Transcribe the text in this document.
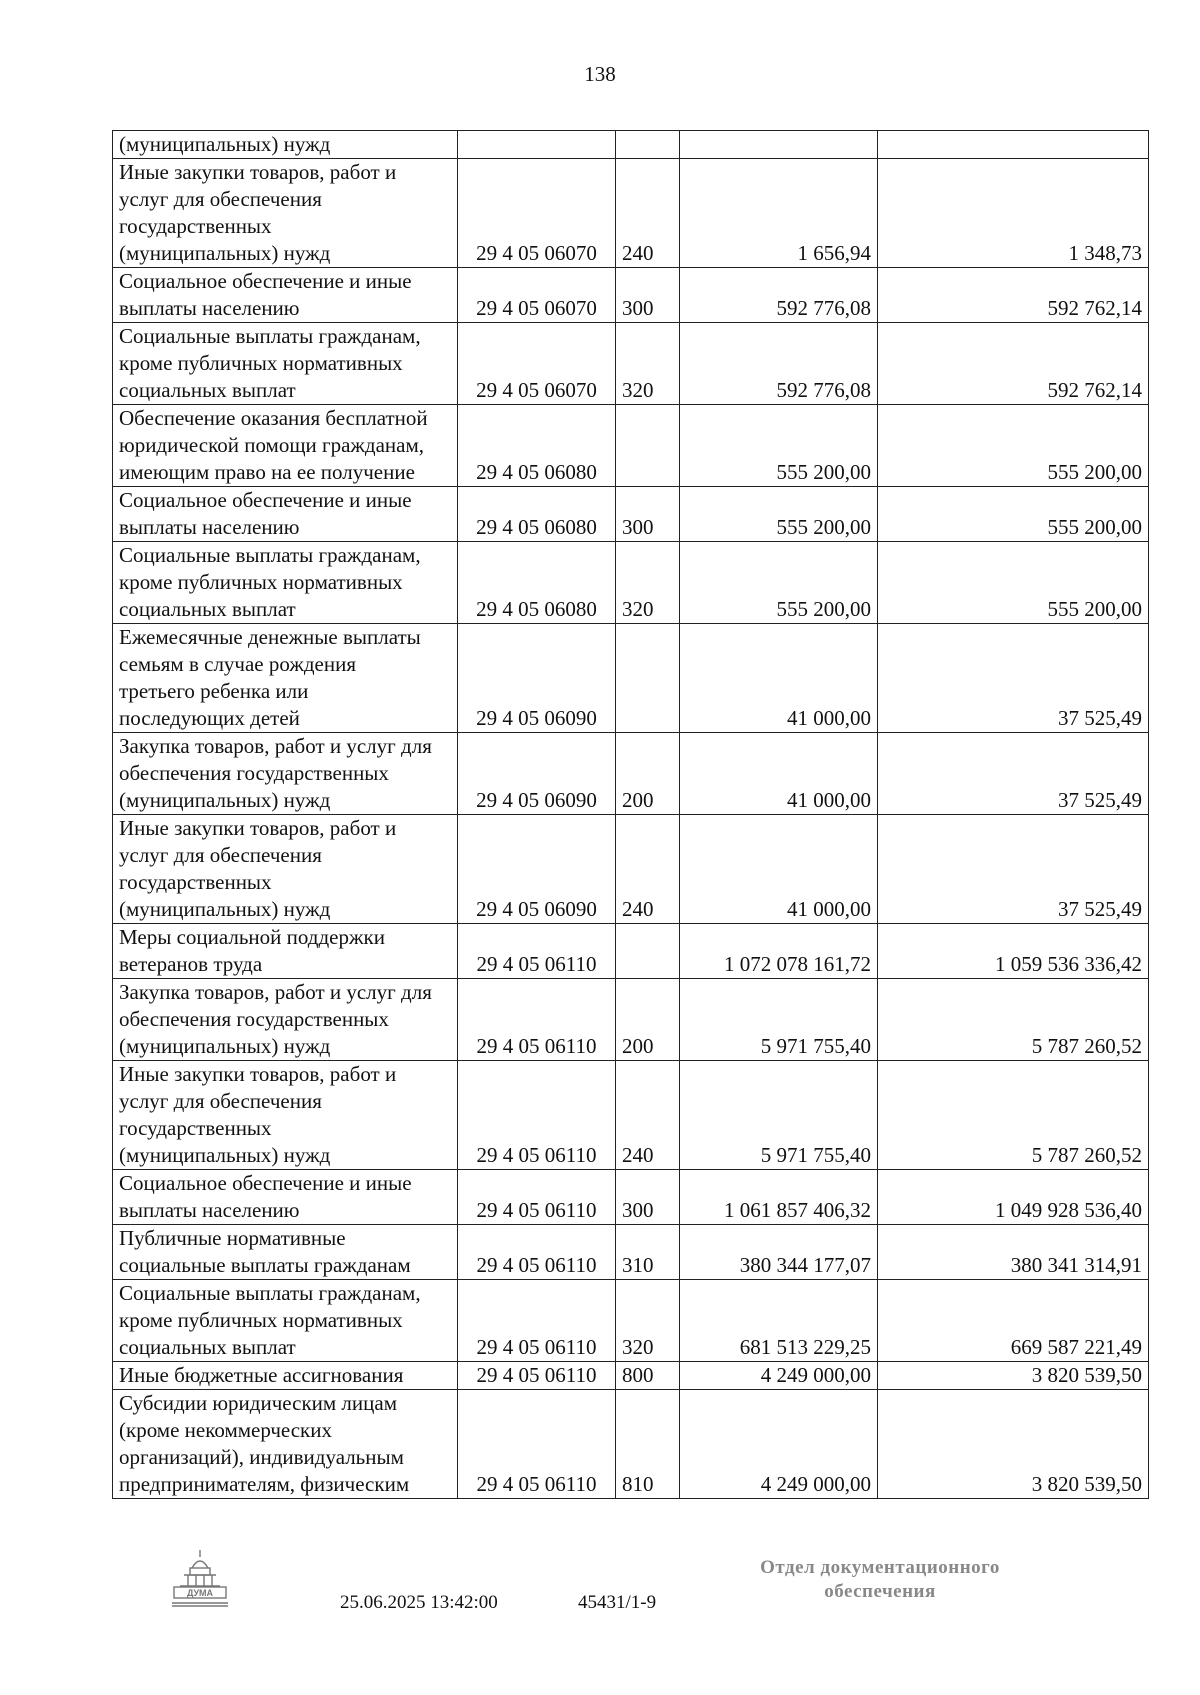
138
(муниципальных) нужд				
Иные закупки товаров, работ и
услуг для обеспечения
государственных
(муниципальных) нужд	29 4 05 06070	240	1 656,94	1 348,73
Социальное обеспечение и иные
выплаты населению	29 4 05 06070	300	592 776,08	592 762,14
Социальные выплаты гражданам,
кроме публичных нормативных
социальных выплат	29 4 05 06070	320	592 776,08	592 762,14
Обеспечение оказания бесплатной
юридической помощи гражданам,
имеющим право на ее получение	29 4 05 06080		555 200,00	555 200,00
Социальное обеспечение и иные
выплаты населению	29 4 05 06080	300	555 200,00	555 200,00
Социальные выплаты гражданам,
кроме публичных нормативных
социальных выплат	29 4 05 06080	320	555 200,00	555 200,00
Ежемесячные денежные выплаты
семьям в случае рождения
третьего ребенка или
последующих детей	29 4 05 06090		41 000,00	37 525,49
Закупка товаров, работ и услуг для
обеспечения государственных
(муниципальных) нужд	29 4 05 06090	200	41 000,00	37 525,49
Иные закупки товаров, работ и
услуг для обеспечения
государственных
(муниципальных) нужд	29 4 05 06090	240	41 000,00	37 525,49
Меры социальной поддержки
ветеранов труда	29 4 05 06110		1 072 078 161,72	1 059 536 336,42
Закупка товаров, работ и услуг для
обеспечения государственных
(муниципальных) нужд	29 4 05 06110	200	5 971 755,40	5 787 260,52
Иные закупки товаров, работ и
услуг для обеспечения
государственных
(муниципальных) нужд	29 4 05 06110	240	5 971 755,40	5 787 260,52
Социальное обеспечение и иные
выплаты населению	29 4 05 06110	300	1 061 857 406,32	1 049 928 536,40
Публичные нормативные
социальные выплаты гражданам	29 4 05 06110	310	380 344 177,07	380 341 314,91
Социальные выплаты гражданам,
кроме публичных нормативных
социальных выплат	29 4 05 06110	320	681 513 229,25	669 587 221,49
Иные бюджетные ассигнования	29 4 05 06110	800	4 249 000,00	3 820 539,50
Субсидии юридическим лицам
(кроме некоммерческих
организаций), индивидуальным
предпринимателям, физическим	29 4 05 06110	810	4 249 000,00	3 820 539,50
ДУМА	25.06.2025 13:42:00	45431/1-9
Отдел документационного
обеспечения
